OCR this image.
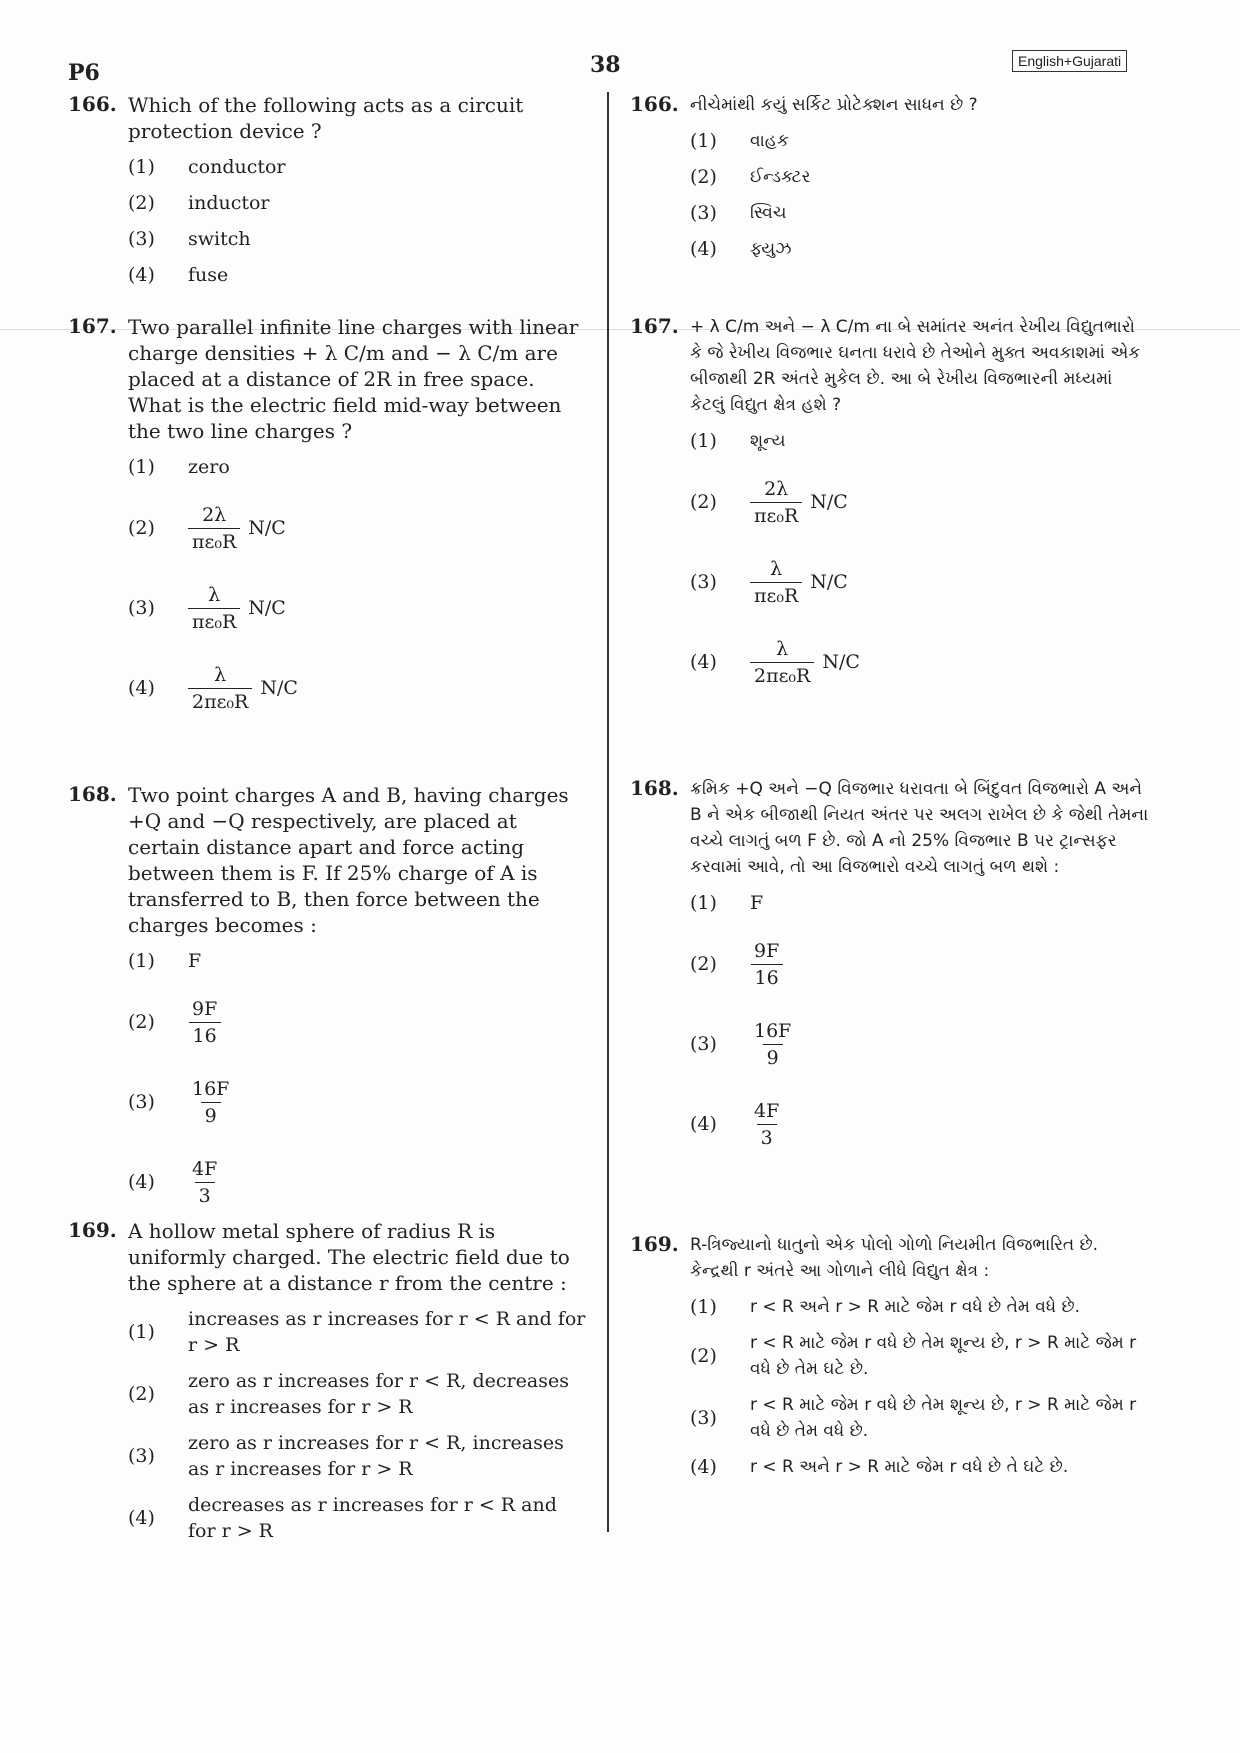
P6	38	English+Gujarati
166. Which of the following acts as a circuit protection device ?
(1)	conductor
(2)	inductor
(3)	switch
(4)	fuse
167. Two parallel infinite line charges with linear charge densities + λ C/m and − λ C/m are placed at a distance of 2R in free space. What is the electric field mid-way between the two line charges ?
(1)	zero
(2)	$\frac{2\lambda}{\text{πε₀R}} N/C$
(3)	$\frac{\lambda}{\text{πε₀R}} N/C$
(4)	$\frac{\lambda}{\text{2πε₀R}} N/C$
168. Two point charges A and B, having charges +Q and −Q respectively, are placed at certain distance apart and force acting between them is F. If 25% charge of A is transferred to B, then force between the charges becomes :
(1)	F
(2)	$\frac{9F}{16}$
(3)	$\frac{16F}{9}$
(4)	$\frac{4F}{3}$
169. A hollow metal sphere of radius R is uniformly charged. The electric field due to the sphere at a distance r from the centre :
(1)
increases as r increases for r < R and for r > R
(2)
zero as r increases for r < R, decreases as r increases for r > R
(3)
zero as r increases for r < R, increases as r increases for r > R
(4)
decreases as r increases for r < R and for r > R
166. નીચેમાંથી કયું સર્કિટ પ્રોટેક્શન સાધન છે ?
(1)	વાહક
(2)	ઈન્ડક્ટર
(3)	સ્વિચ
(4)	ફ્યુઝ
167. + λ C/m અને − λ C/m ના બે સમાંતર અનંત રેખીય વિદ્યુતભારો કે જે રેખીય વિજભાર ઘનતા ધરાવે છે તેઓને મુક્ત અવકાશમાં એક બીજાથી 2R અંતરે મુકેલ છે. આ બે રેખીય વિજભારની મધ્યમાં કેટલું વિદ્યુત ક્ષેત્ર હશે ?
(1)	શૂન્ય
(2)	$\frac{2\lambda}{\text{πε₀R}} N/C$
(3)	$\frac{\lambda}{\text{πε₀R}} N/C$
(4)	$\frac{\lambda}{\text{2πε₀R}} N/C$
168. ક્રમિક +Q અને −Q વિજભાર ધરાવતા બે બિંદુવત વિજભારો A અને B ને એક બીજાથી નિયત અંતર પર અલગ રાખેલ છે કે જેથી તેમના વચ્ચે લાગતું બળ F છે. જો A નો 25% વિજભાર B પર ટ્રાન્સફર કરવામાં આવે, તો આ વિજભારો વચ્ચે લાગતું બળ થશે :
(1)	F
(2)	$\frac{9F}{16}$
(3)	$\frac{16F}{9}$
(4)	$\frac{4F}{3}$
169. R-ત્રિજ્યાનો ધાતુનો એક પોલો ગોળો નિયમીત વિજભારિત છે. કેન્દ્રથી r અંતરે આ ગોળાને લીધે વિદ્યુત ક્ષેત્ર :
(1)	r < R અને r > R માટે જેમ r વધે છે તેમ વધે છે.
(2)
r < R માટે જેમ r વધે છે તેમ શૂન્ય છે, r > R માટે જેમ r વધે છે તેમ ઘટે છે.
(3)
r < R માટે જેમ r વધે છે તેમ શૂન્ય છે, r > R માટે જેમ r વધે છે તેમ વધે છે.
(4)	r < R અને r > R માટે જેમ r વધે છે તે ઘટે છે.
